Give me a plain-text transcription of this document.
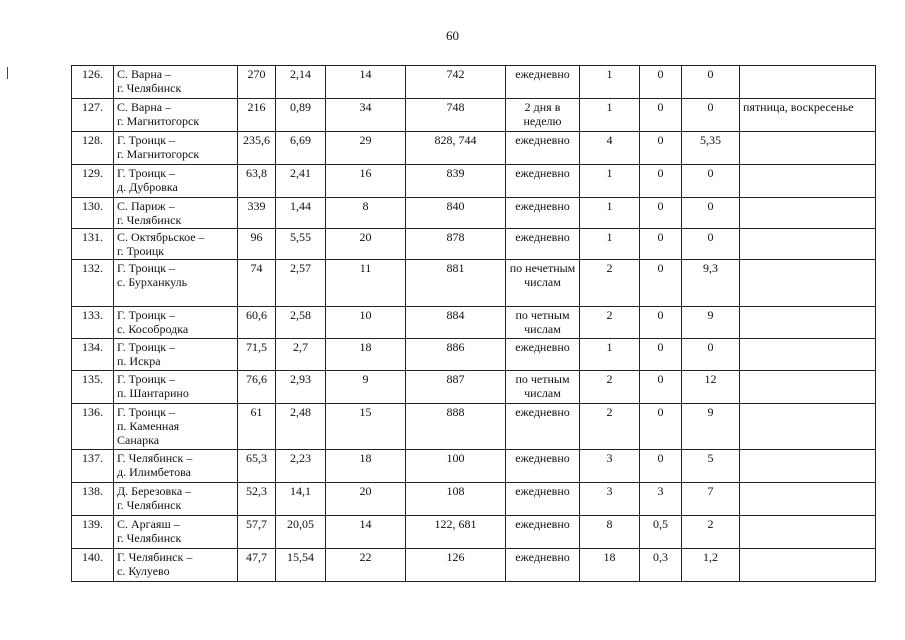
60
126.	С. Варна –
г. Челябинск	270	2,14	14	742	ежедневно	1	0	0	
127.	С. Варна –
г. Магнитогорск	216	0,89	34	748	2 дня в неделю	1	0	0	пятница, воскресенье
128.	Г. Троицк –
г. Магнитогорск	235,6	6,69	29	828, 744	ежедневно	4	0	5,35	
129.	Г. Троицк –
д. Дубровка	63,8	2,41	16	839	ежедневно	1	0	0	
130.	С. Париж –
г. Челябинск	339	1,44	8	840	ежедневно	1	0	0	
131.	С. Октябрьское –
г. Троицк	96	5,55	20	878	ежедневно	1	0	0	
132.	Г. Троицк –
с. Бурханкуль	74	2,57	11	881	по нечетным числам	2	0	9,3	
133.	Г. Троицк –
с. Кособродка	60,6	2,58	10	884	по четным числам	2	0	9	
134.	Г. Троицк –
п. Искра	71,5	2,7	18	886	ежедневно	1	0	0	
135.	Г. Троицк –
п. Шантарино	76,6	2,93	9	887	по четным числам	2	0	12	
136.	Г. Троицк –
п. Каменная
Санарка	61	2,48	15	888	ежедневно	2	0	9	
137.	Г. Челябинск –
д. Илимбетова	65,3	2,23	18	100	ежедневно	3	0	5	
138.	Д. Березовка –
г. Челябинск	52,3	14,1	20	108	ежедневно	3	3	7	
139.	С. Аргаяш –
г. Челябинск	57,7	20,05	14	122, 681	ежедневно	8	0,5	2	
140.	Г. Челябинск –
с. Кулуево	47,7	15,54	22	126	ежедневно	18	0,3	1,2	
